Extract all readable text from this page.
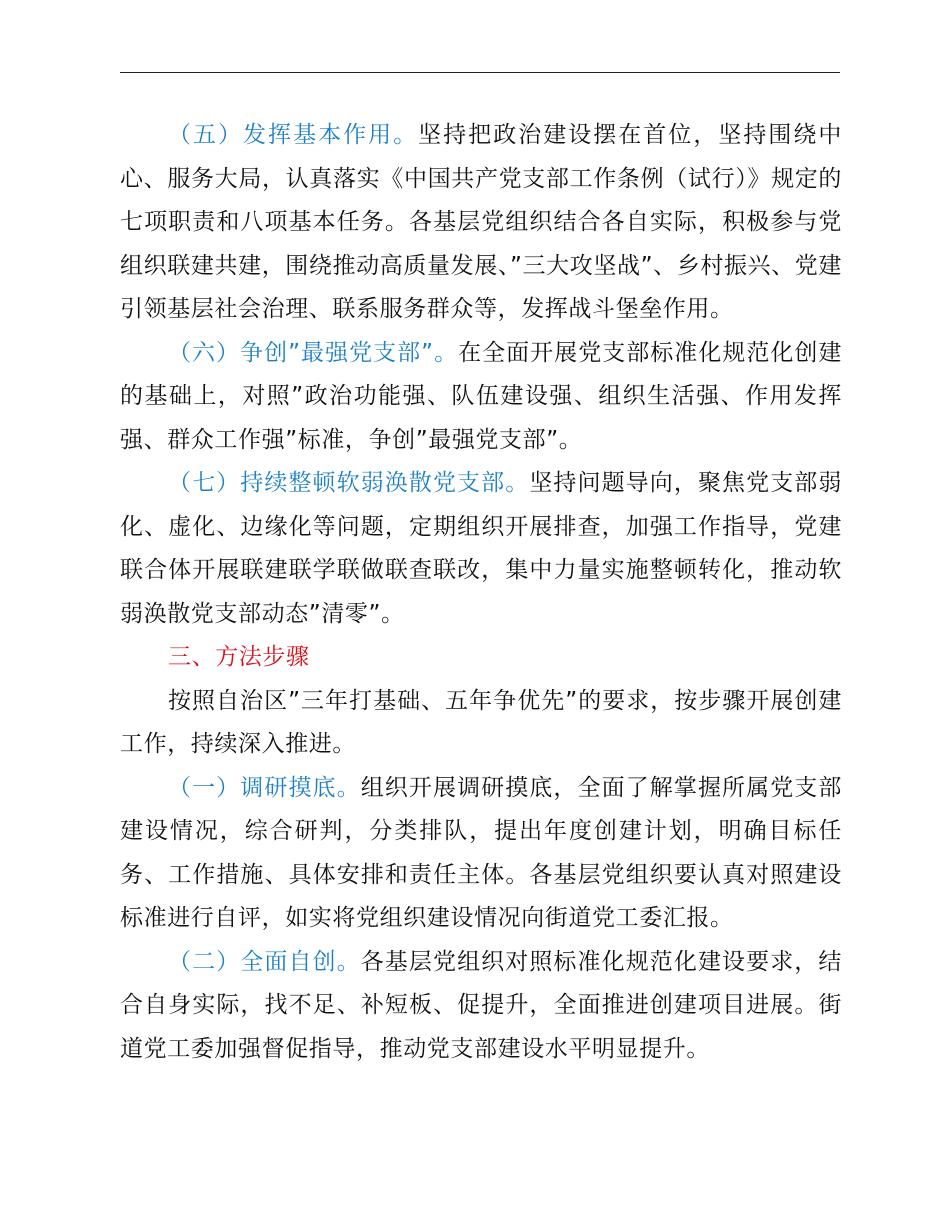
（五）发挥基本作用。坚持把政治建设摆在首位，坚持围绕中心、服务大局，认真落实《中国共产党支部工作条例（试行）》规定的七项职责和八项基本任务。各基层党组织结合各自实际，积极参与党组织联建共建，围绕推动高质量发展、”三大攻坚战”、乡村振兴、党建引领基层社会治理、联系服务群众等，发挥战斗堡垒作用。

（六）争创”最强党支部”。在全面开展党支部标准化规范化创建的基础上，对照”政治功能强、队伍建设强、组织生活强、作用发挥强、群众工作强”标准，争创”最强党支部”。

（七）持续整顿软弱涣散党支部。坚持问题导向，聚焦党支部弱化、虚化、边缘化等问题，定期组织开展排查，加强工作指导，党建联合体开展联建联学联做联查联改，集中力量实施整顿转化，推动软弱涣散党支部动态”清零”。

三、方法步骤

按照自治区”三年打基础、五年争优先”的要求，按步骤开展创建工作，持续深入推进。

（一）调研摸底。组织开展调研摸底，全面了解掌握所属党支部建设情况，综合研判，分类排队，提出年度创建计划，明确目标任务、工作措施、具体安排和责任主体。各基层党组织要认真对照建设标准进行自评，如实将党组织建设情况向街道党工委汇报。

（二）全面自创。各基层党组织对照标准化规范化建设要求，结合自身实际，找不足、补短板、促提升，全面推进创建项目进展。街道党工委加强督促指导，推动党支部建设水平明显提升。
